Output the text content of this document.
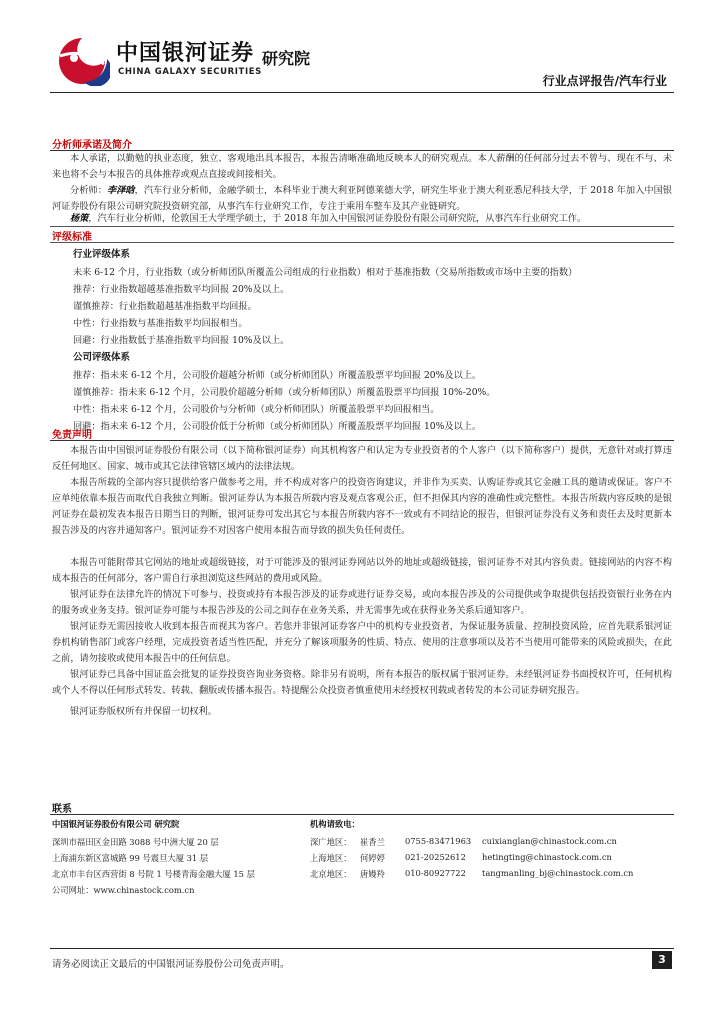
中国银河证券
CHINA GALAXY SECURITIES
研究院
行业点评报告/汽车行业
分析师承诺及简介

本人承诺，以勤勉的执业态度，独立、客观地出具本报告，本报告清晰准确地反映本人的研究观点。本人薪酬的任何部分过去不曾与、现在不与、未来也将不会与本报告的具体推荐或观点直接或间接相关。

分析师：李泽晗，汽车行业分析师，金融学硕士，本科毕业于澳大利亚阿德莱德大学，研究生毕业于澳大利亚悉尼科技大学，于 2018 年加入中国银河证券股份有限公司研究院投资研究部，从事汽车行业研究工作，专注于乘用车整车及其产业链研究。

杨策，汽车行业分析师，伦敦国王大学理学硕士，于 2018 年加入中国银河证券股份有限公司研究院，从事汽车行业研究工作。

评级标准
行业评级体系
未来 6-12 个月，行业指数（或分析师团队所覆盖公司组成的行业指数）相对于基准指数（交易所指数或市场中主要的指数）
推荐：行业指数超越基准指数平均回报 20%及以上。
谨慎推荐：行业指数超越基准指数平均回报。
中性：行业指数与基准指数平均回报相当。
回避：行业指数低于基准指数平均回报 10%及以上。
公司评级体系
推荐：指未来 6-12 个月，公司股价超越分析师（或分析师团队）所覆盖股票平均回报 20%及以上。
谨慎推荐：指未来 6-12 个月，公司股价超越分析师（或分析师团队）所覆盖股票平均回报 10%-20%。
中性：指未来 6-12 个月，公司股价与分析师（或分析师团队）所覆盖股票平均回报相当。
回避：指未来 6-12 个月，公司股价低于分析师（或分析师团队）所覆盖股票平均回报 10%及以上。
免责声明

本报告由中国银河证券股份有限公司（以下简称银河证券）向其机构客户和认定为专业投资者的个人客户（以下简称客户）提供，无意针对或打算违反任何地区、国家、城市或其它法律管辖区域内的法律法规。

本报告所载的全部内容只提供给客户做参考之用，并不构成对客户的投资咨询建议，并非作为买卖、认购证券或其它金融工具的邀请或保证。客户不应单纯依靠本报告而取代自我独立判断。银河证券认为本报告所载内容及观点客观公正，但不担保其内容的准确性或完整性。本报告所载内容反映的是银河证券在最初发表本报告日期当日的判断，银河证券可发出其它与本报告所载内容不一致或有不同结论的报告，但银河证券没有义务和责任去及时更新本报告涉及的内容并通知客户。银河证券不对因客户使用本报告而导致的损失负任何责任。

本报告可能附带其它网站的地址或超级链接，对于可能涉及的银河证券网站以外的地址或超级链接，银河证券不对其内容负责。链接网站的内容不构成本报告的任何部分，客户需自行承担浏览这些网站的费用或风险。

银河证券在法律允许的情况下可参与、投资或持有本报告涉及的证券或进行证券交易，或向本报告涉及的公司提供或争取提供包括投资银行业务在内的服务或业务支持。银河证券可能与本报告涉及的公司之间存在业务关系，并无需事先或在获得业务关系后通知客户。

银河证券无需因接收人收到本报告而视其为客户。若您并非银河证券客户中的机构专业投资者，为保证服务质量、控制投资风险，应首先联系银河证券机构销售部门或客户经理，完成投资者适当性匹配，并充分了解该项服务的性质、特点、使用的注意事项以及若不当使用可能带来的风险或损失，在此之前，请勿接收或使用本报告中的任何信息。

银河证券已具备中国证监会批复的证券投资咨询业务资格。除非另有说明，所有本报告的版权属于银河证券。未经银河证券书面授权许可，任何机构或个人不得以任何形式转发、转载、翻版或传播本报告。特提醒公众投资者慎重使用未经授权刊载或者转发的本公司证券研究报告。

银河证券版权所有并保留一切权利。

联系
中国银河证券股份有限公司 研究院
深圳市福田区金田路 3088 号中洲大厦 20 层
上海浦东新区富城路 99 号震旦大厦 31 层
北京市丰台区西营街 8 号院 1 号楼青海金融大厦 15 层
公司网址：www.chinastock.com.cn
机构请致电：
深广地区： 崔香兰 0755-83471963 cuixianglan@chinastock.com.cn
上海地区： 何婷婷 021-20252612 hetingting@chinastock.com.cn
北京地区： 唐嫚羚 010-80927722 tangmanling_bj@chinastock.com.cn
请务必阅读正文最后的中国银河证券股份公司免责声明。	3
